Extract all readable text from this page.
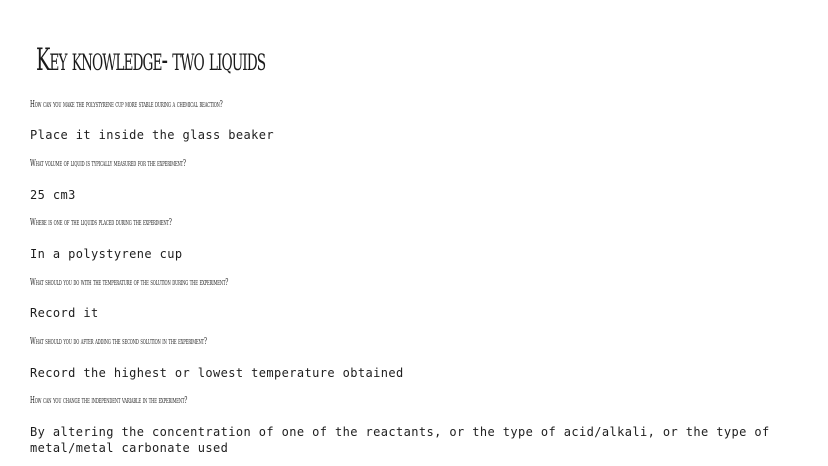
Key knowledge- two liquids
How can you make the polystyrene cup more stable during a chemical reaction?
Place it inside the glass beaker
What volume of liquid is typically measured for the experiment?
25 cm3
Where is one of the liquids placed during the experiment?
In a polystyrene cup
What should you do with the temperature of the solution during the experiment?
Record it
What should you do after adding the second solution in the experiment?
Record the highest or lowest temperature obtained
How can you change the independent variable in the experiment?
By altering the concentration of one of the reactants, or the type of acid/alkali, or the type of metal/metal carbonate used
